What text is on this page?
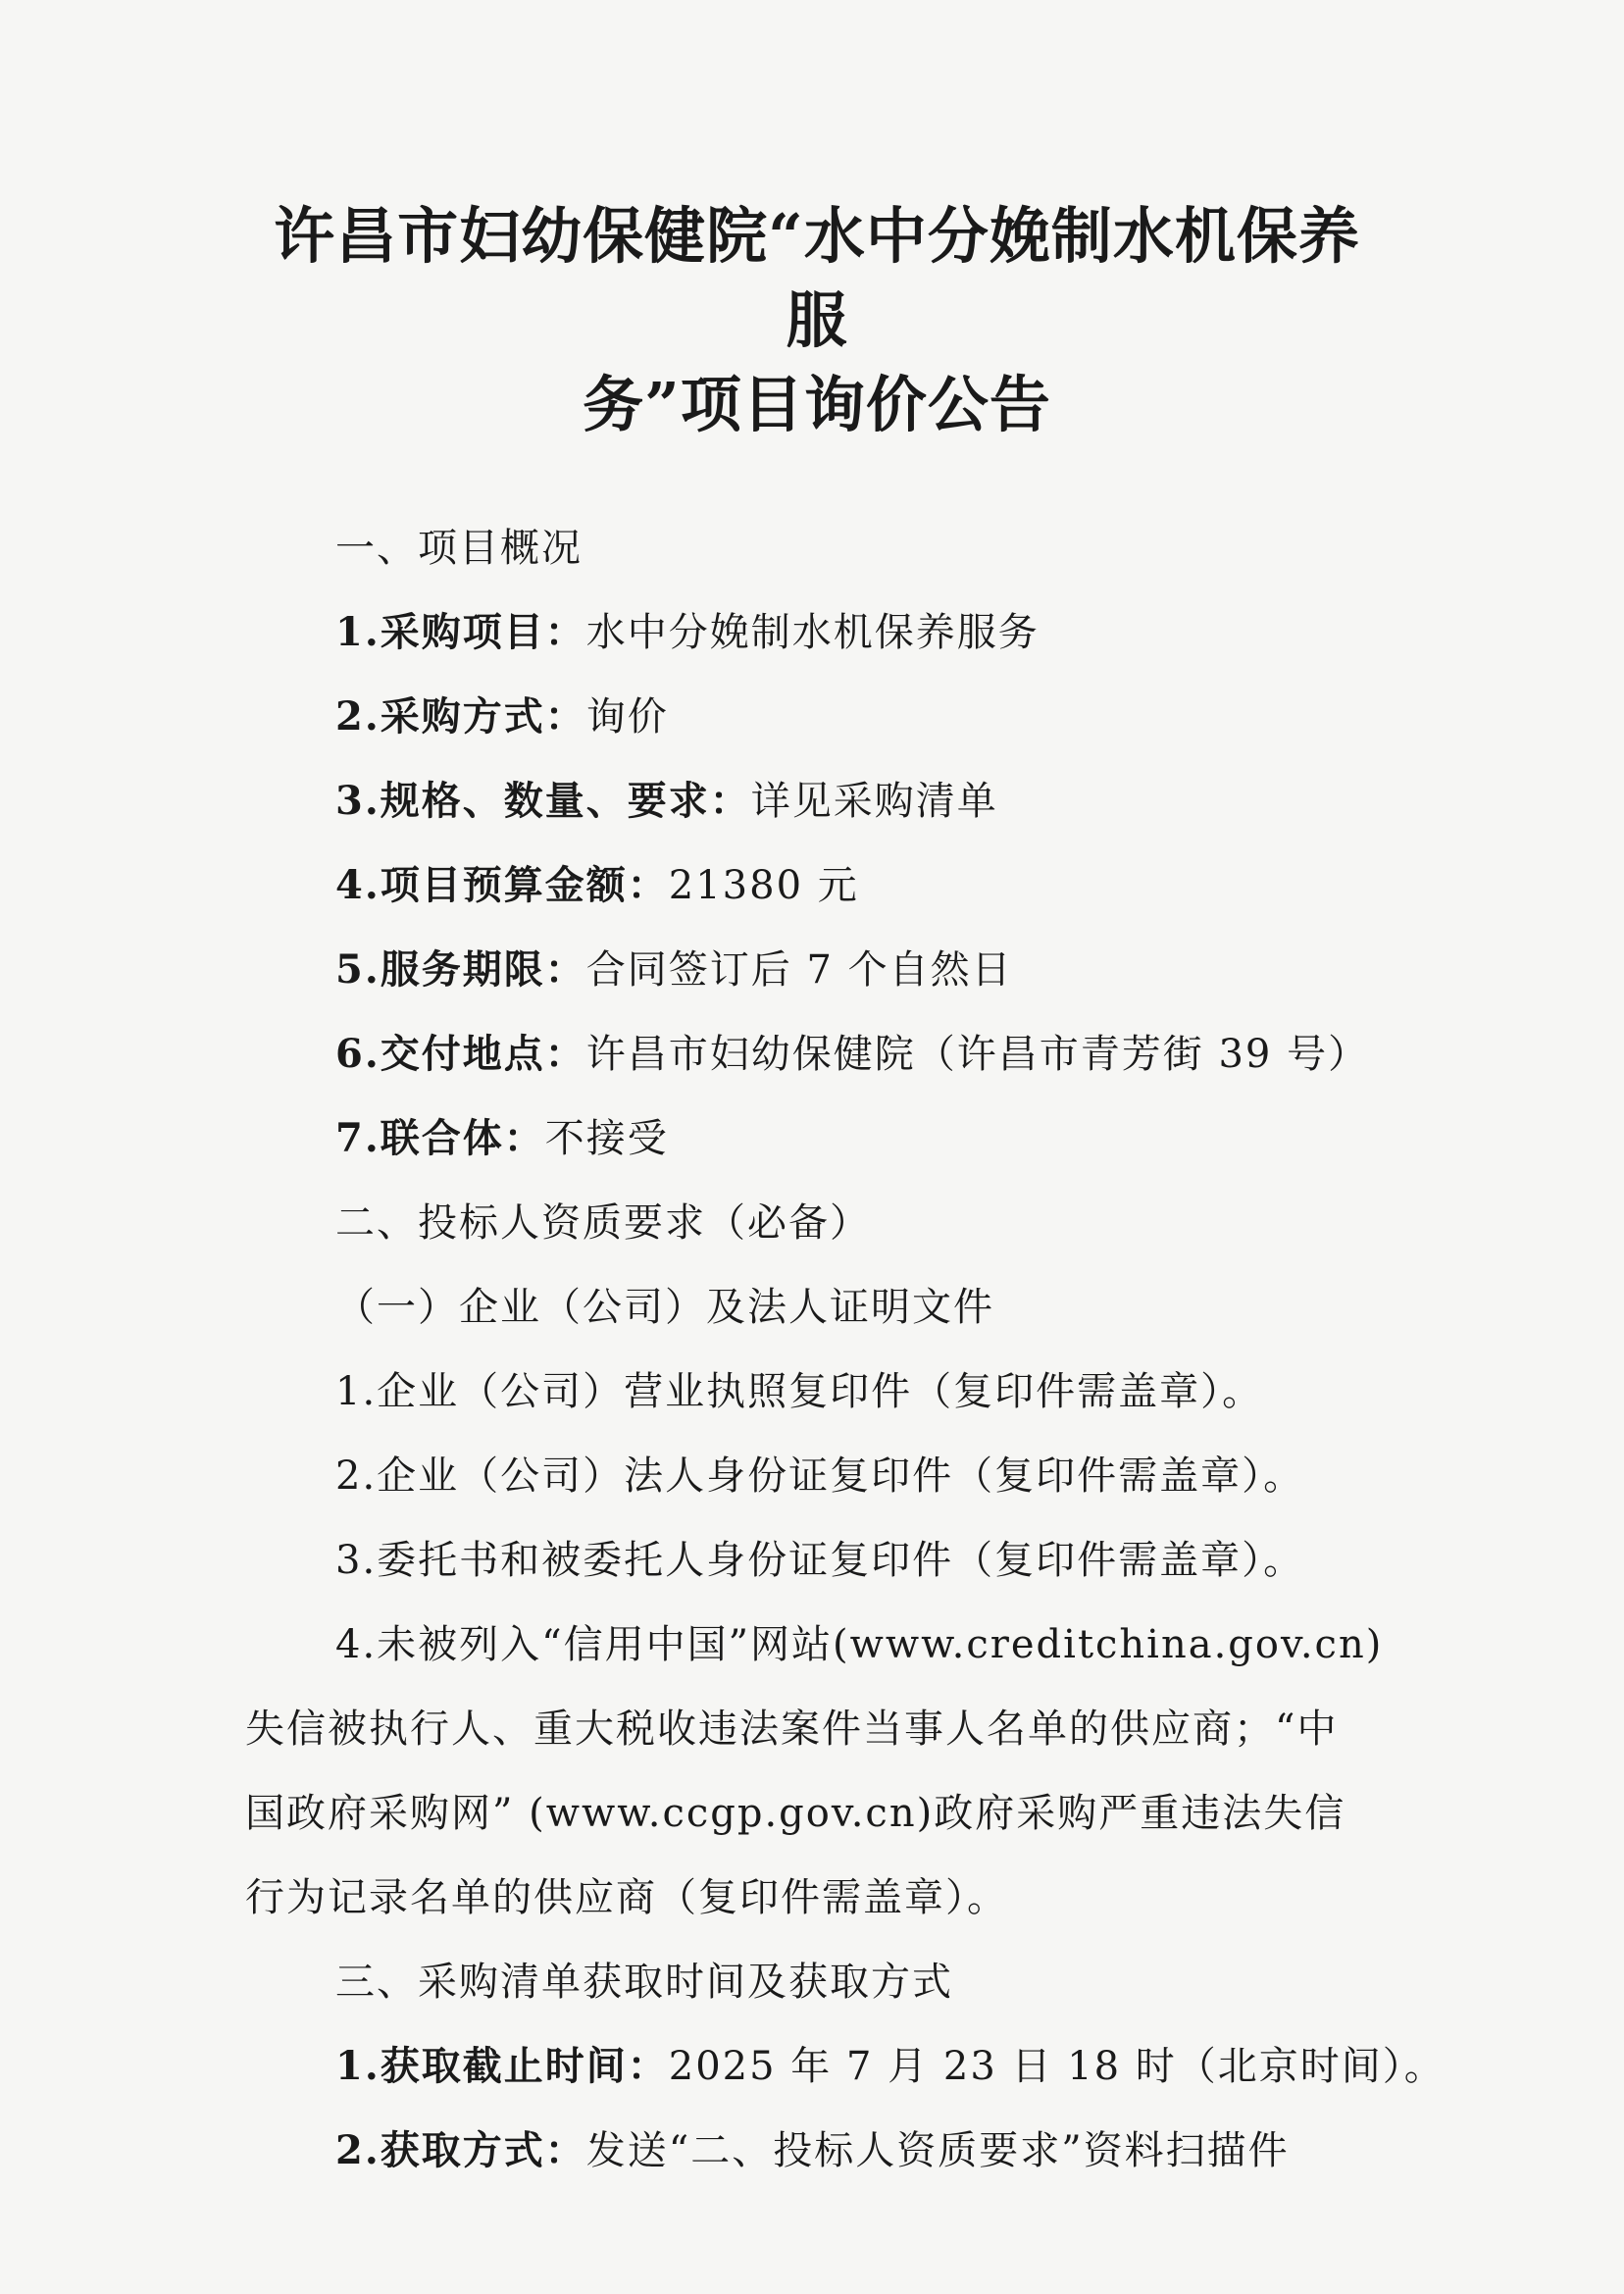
许昌市妇幼保健院“水中分娩制水机保养服
务”项目询价公告
一、项目概况
1.采购项目：水中分娩制水机保养服务
2.采购方式：询价
3.规格、数量、要求：详见采购清单
4.项目预算金额：21380 元
5.服务期限：合同签订后 7 个自然日
6.交付地点：许昌市妇幼保健院（许昌市青芳街 39 号）
7.联合体：不接受
二、投标人资质要求（必备）
（一）企业（公司）及法人证明文件
1.企业（公司）营业执照复印件（复印件需盖章）。
2.企业（公司）法人身份证复印件（复印件需盖章）。
3.委托书和被委托人身份证复印件（复印件需盖章）。
4.未被列入“信用中国”网站(www.creditchina.gov.cn)
失信被执行人、重大税收违法案件当事人名单的供应商；“中
国政府采购网” (www.ccgp.gov.cn)政府采购严重违法失信
行为记录名单的供应商（复印件需盖章）。
三、采购清单获取时间及获取方式
1.获取截止时间：2025 年 7 月 23 日 18 时（北京时间）。
2.获取方式：发送“二、投标人资质要求”资料扫描件
